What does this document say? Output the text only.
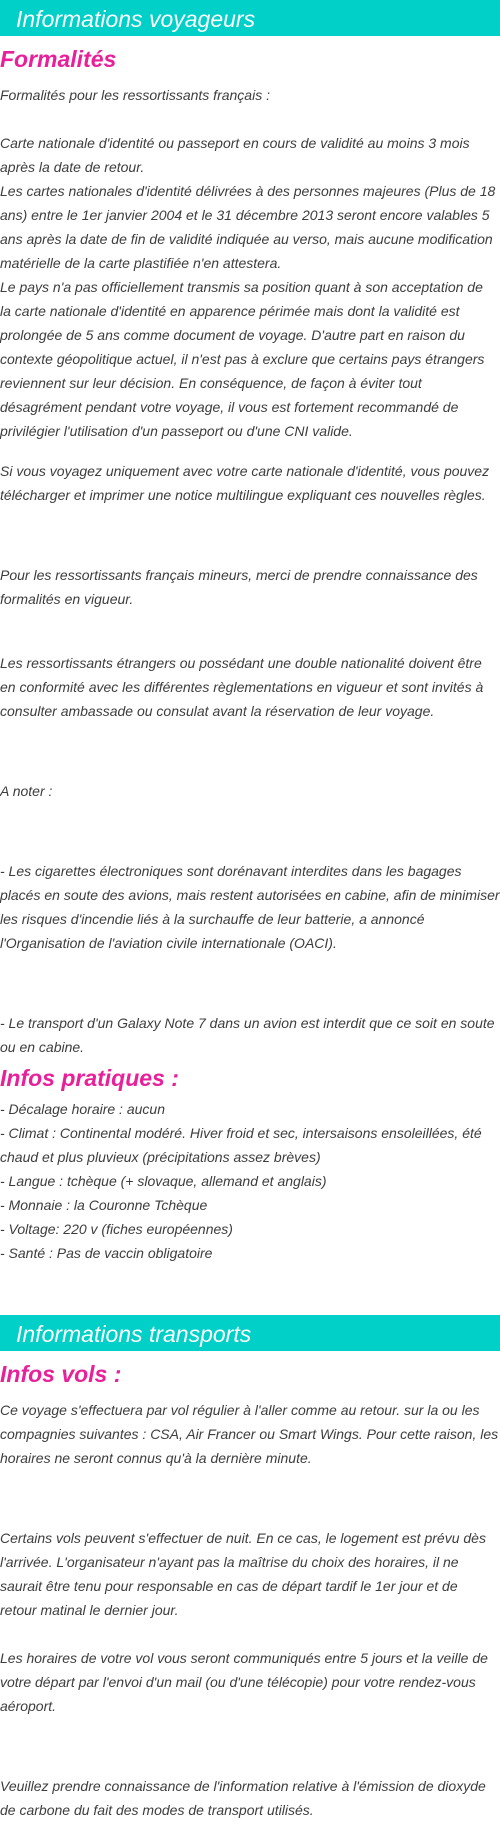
Informations voyageurs
Formalités

Formalités pour les ressortissants français :

Carte nationale d'identité ou passeport en cours de validité au moins 3 mois
après la date de retour.
Les cartes nationales d'identité délivrées à des personnes majeures (Plus de 18
ans) entre le 1er janvier 2004 et le 31 décembre 2013 seront encore valables 5
ans après la date de fin de validité indiquée au verso, mais aucune modification
matérielle de la carte plastifiée n'en attestera.
Le pays n'a pas officiellement transmis sa position quant à son acceptation de
la carte nationale d'identité en apparence périmée mais dont la validité est
prolongée de 5 ans comme document de voyage. D'autre part en raison du
contexte géopolitique actuel, il n'est pas à exclure que certains pays étrangers
reviennent sur leur décision. En conséquence, de façon à éviter tout
désagrément pendant votre voyage, il vous est fortement recommandé de
privilégier l'utilisation d'un passeport ou d'une CNI valide.

Si vous voyagez uniquement avec votre carte nationale d'identité, vous pouvez
télécharger et imprimer une notice multilingue expliquant ces nouvelles règles.

Pour les ressortissants français mineurs, merci de prendre connaissance des
formalités en vigueur.

Les ressortissants étrangers ou possédant une double nationalité doivent être
en conformité avec les différentes règlementations en vigueur et sont invités à
consulter ambassade ou consulat avant la réservation de leur voyage.

A noter :

- Les cigarettes électroniques sont dorénavant interdites dans les bagages
placés en soute des avions, mais restent autorisées en cabine, afin de minimiser
les risques d'incendie liés à la surchauffe de leur batterie, a annoncé
l'Organisation de l'aviation civile internationale (OACI).

- Le transport d'un Galaxy Note 7 dans un avion est interdit que ce soit en soute
ou en cabine.

Infos pratiques :

- Décalage horaire : aucun
- Climat : Continental modéré. Hiver froid et sec, intersaisons ensoleillées, été
chaud et plus pluvieux (précipitations assez brèves)
- Langue : tchèque (+ slovaque, allemand et anglais)
- Monnaie : la Couronne Tchèque
- Voltage: 220 v (fiches européennes)
- Santé : Pas de vaccin obligatoire

Informations transports
Infos vols :

Ce voyage s'effectuera par vol régulier à l'aller comme au retour. sur la ou les
compagnies suivantes : CSA, Air Francer ou Smart Wings. Pour cette raison, les
horaires ne seront connus qu'à la dernière minute.

Certains vols peuvent s'effectuer de nuit. En ce cas, le logement est prévu dès
l'arrivée. L'organisateur n'ayant pas la maîtrise du choix des horaires, il ne
saurait être tenu pour responsable en cas de départ tardif le 1er jour et de
retour matinal le dernier jour.

Les horaires de votre vol vous seront communiqués entre 5 jours et la veille de
votre départ par l'envoi d'un mail (ou d'une télécopie) pour votre rendez-vous
aéroport.

Veuillez prendre connaissance de l'information relative à l'émission de dioxyde
de carbone du fait des modes de transport utilisés.
